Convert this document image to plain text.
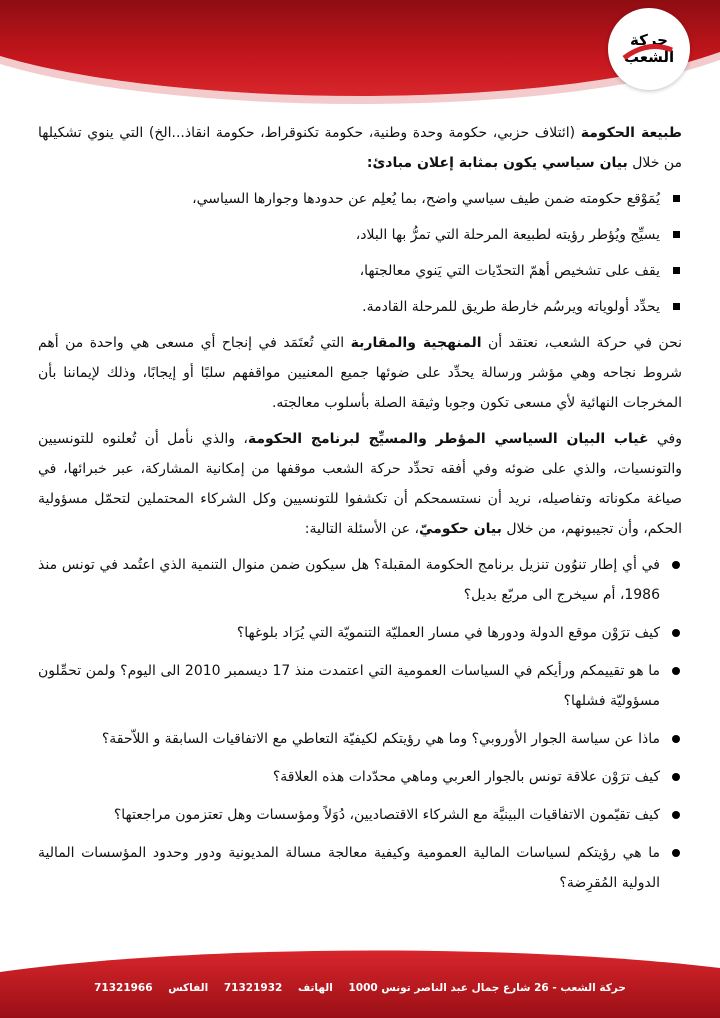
حركة
الشعب

طبيعة الحكومة (ائتلاف حزبي، حكومة وحدة وطنية، حكومة تكنوقراط، حكومة انقاذ...الخ) التي ينوي تشكيلها من خلال بيان سياسي يكون بمثابة إعلان مبادئ:

يُمَوْقع حكومته ضمن طيف سياسي واضح، بما يُعلِم عن حدودها وجوارها السياسي،
يسيِّج ويُؤطر رؤيته لطبيعة المرحلة التي تمرُّ بها البلاد،
يقف على تشخيص أهمّ التحدّيات التي يَنوي معالجتها،
يحدِّد أولوياته ويرسُم خارطة طريق للمرحلة القادمة.

نحن في حركة الشعب، نعتقد أن المنهجية والمقاربة التي تُعتَمَد في إنجاح أي مسعى هي واحدة من أهم شروط نجاحه وهي مؤشر ورسالة يحدِّد على ضوئها جميع المعنيين مواقفهم سلبًا أو إيجابًا، وذلك لإيماننا بأن المخرجات النهائية لأي مسعى تكون وجوبا وثيقة الصلة بأسلوب معالجته.

وفي غياب البيان السياسي المؤطر والمسيِّج لبرنامج الحكومة، والذي نأمل أن تُعلنوه للتونسيين والتونسيات، والذي على ضوئه وفي أفقه تحدِّد حركة الشعب موقفها من إمكانية المشاركة، عبر خبرائها، في صياغة مكوناته وتفاصيله، نريد أن نستسمحكم أن تكشفوا للتونسيين وكل الشركاء المحتملين لتحمّل مسؤولية الحكم، وأن تجيبونهم، من خلال بيان حكوميّ، عن الأسئلة التالية:

في أي إطار تنوُون تنزيل برنامج الحكومة المقبلة؟ هل سيكون ضمن منوال التنمية الذي اعتُمد في تونس منذ 1986، أم سيخرج الى مربّع بديل؟
كيف ترَوْن موقع الدولة ودورها في مسار العمليّة التنمويّة التي يُرَاد بلوغها؟
ما هو تقييمكم ورأيكم في السياسات العمومية التي اعتمدت منذ 17 ديسمبر 2010 الى اليوم؟ ولمن تحمِّلون مسؤوليّة فشلها؟
ماذا عن سياسة الجوار الأوروبي؟ وما هي رؤيتكم لكيفيّة التعاطي مع الاتفاقيات السابقة و اللاّحقة؟
كيف ترَوْن علاقة تونس بالجوار العربي وماهي محدّدات هذه العلاقة؟
كيف تقيّمون الاتفاقيات البينيَّة مع الشركاء الاقتصاديين، دُوَلاً ومؤسسات وهل تعتزمون مراجعتها؟
ما هي رؤيتكم لسياسات المالية العمومية وكيفية معالجة مسالة المديونية ودور وحدود المؤسسات المالية الدولية المُقرِضة؟
حركة الشعب - 26 شارع جمال عبد الناصر تونس 1000 الهاتف 71321932 الفاكس 71321966
